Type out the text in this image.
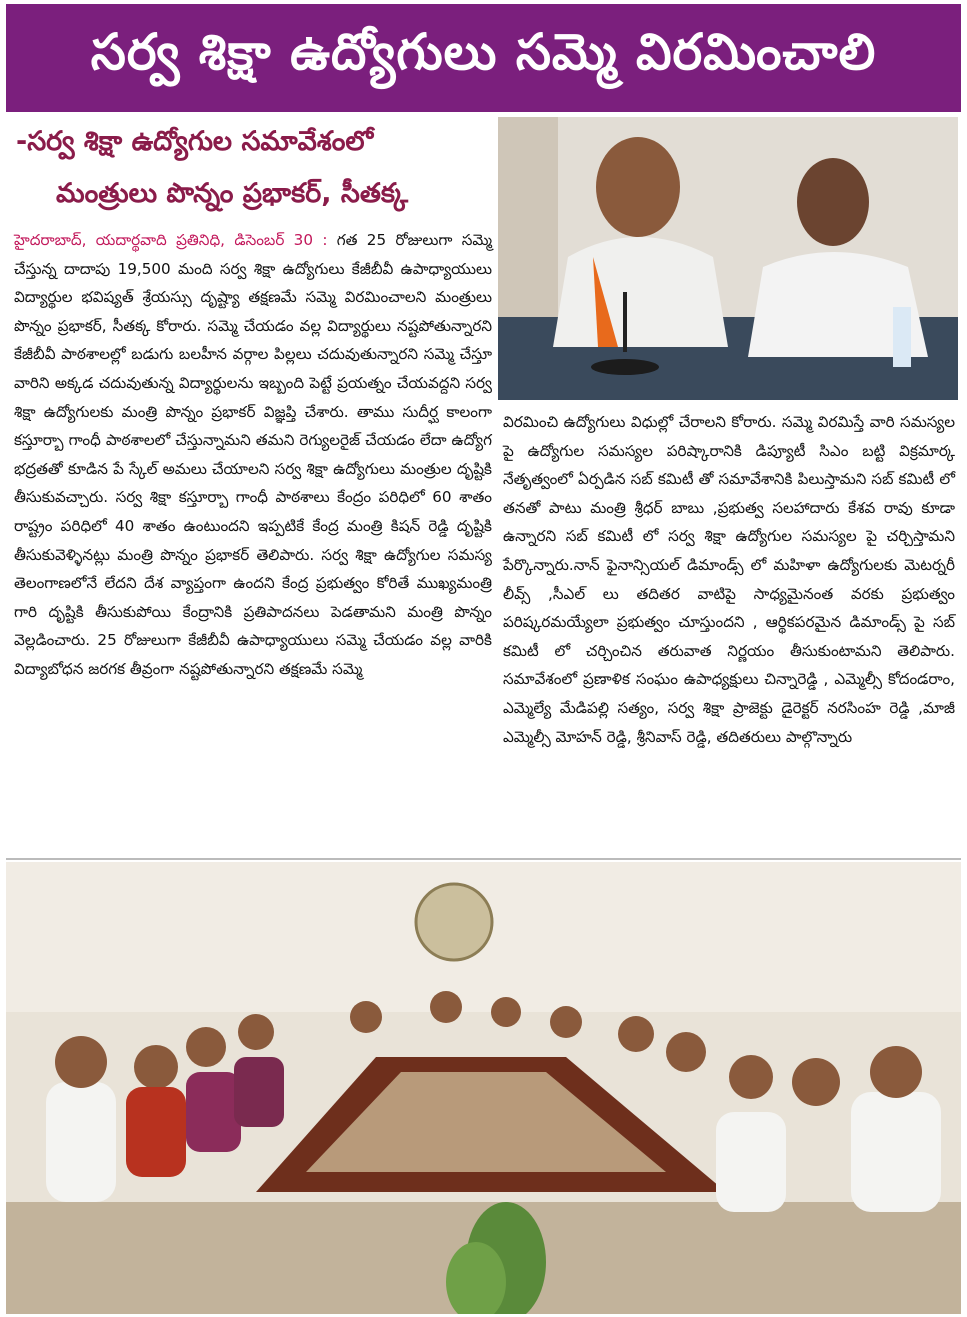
సర్వ శిక్షా ఉద్యోగులు సమ్మె విరమించాలి
-సర్వ శిక్షా ఉద్యోగుల సమావేశంలో
మంత్రులు పొన్నం ప్రభాకర్, సీతక్క
హైదరాబాద్, యదార్థవాది ప్రతినిధి, డిసెంబర్ 30 : గత 25 రోజులుగా సమ్మె చేస్తున్న దాదాపు 19,500 మంది సర్వ శిక్షా ఉద్యోగులు కేజీబీవీ ఉపాధ్యాయులు విద్యార్థుల భవిష్యత్ శ్రేయస్సు దృష్ట్యా తక్షణమే సమ్మె విరమించాలని మంత్రులు పొన్నం ప్రభాకర్, సీతక్క కోరారు. సమ్మె చేయడం వల్ల విద్యార్థులు నష్టపోతున్నారని కేజీబీవీ పాఠశాలల్లో బడుగు బలహీన వర్గాల పిల్లలు చదువుతున్నారని సమ్మె చేస్తూ వారిని అక్కడ చదువుతున్న విద్యార్థులను ఇబ్బంది పెట్టే ప్రయత్నం చేయవద్దని సర్వ శిక్షా ఉద్యోగులకు మంత్రి పొన్నం ప్రభాకర్ విజ్ఞప్తి చేశారు. తాము సుదీర్ఘ కాలంగా కస్తూర్బా గాంధీ పాఠశాలలో చేస్తున్నామని తమని రెగ్యులరైజ్ చేయడం లేదా ఉద్యోగ భద్రతతో కూడిన పే స్కేల్ అమలు చేయాలని సర్వ శిక్షా ఉద్యోగులు మంత్రుల దృష్టికి తీసుకువచ్చారు. సర్వ శిక్షా కస్తూర్బా గాంధీ పాఠశాలు కేంద్రం పరిధిలో 60 శాతం రాష్ట్రం పరిధిలో 40 శాతం ఉంటుందని ఇప్పటికే కేంద్ర మంత్రి కిషన్ రెడ్డి దృష్టికి తీసుకువెళ్ళినట్లు మంత్రి పొన్నం ప్రభాకర్ తెలిపారు. సర్వ శిక్షా ఉద్యోగుల సమస్య తెలంగాణలోనే లేదని దేశ వ్యాప్తంగా ఉందని కేంద్ర ప్రభుత్వం కోరితే ముఖ్యమంత్రి గారి దృష్టికి తీసుకుపోయి కేంద్రానికి ప్రతిపాదనలు పెడతామని మంత్రి పొన్నం వెల్లడించారు. 25 రోజులుగా కేజీబీవీ ఉపాధ్యాయులు సమ్మె చేయడం వల్ల వారికి విద్యాబోధన జరగక తీవ్రంగా నష్టపోతున్నారని తక్షణమే సమ్మె
విరమించి ఉద్యోగులు విధుల్లో చేరాలని కోరారు. సమ్మె విరమిస్తే వారి సమస్యల పై ఉద్యోగుల సమస్యల పరిష్కారానికి డిప్యూటీ సిఎం బట్టి విక్రమార్క నేతృత్వంలో ఏర్పడిన సబ్ కమిటీ తో సమావేశానికి పిలుస్తామని సబ్ కమిటీ లో తనతో పాటు మంత్రి శ్రీధర్ బాబు ,ప్రభుత్వ సలహాదారు కేశవ రావు కూడా ఉన్నారని సబ్ కమిటీ లో సర్వ శిక్షా ఉద్యోగుల సమస్యల పై చర్చిస్తామని పేర్కొన్నారు.నాన్ ఫైనాన్సియల్ డిమాండ్స్ లో మహిళా ఉద్యోగులకు మెటర్నరీ లీవ్స్ ,సీఎల్ లు తదితర వాటిపై సాధ్యమైనంత వరకు ప్రభుత్వం పరిష్కరమయ్యేలా ప్రభుత్వం చూస్తుందని , ఆర్థికపరమైన డిమాండ్స్ పై సబ్ కమిటీ లో చర్చించిన తరువాత నిర్ణయం తీసుకుంటామని తెలిపారు. సమావేశంలో ప్రణాళిక సంఘం ఉపాధ్యక్షులు చిన్నారెడ్డి , ఎమ్మెల్సీ కోదండరాం, ఎమ్మెల్యే మేడిపల్లి సత్యం, సర్వ శిక్షా ప్రాజెక్టు డైరెక్టర్ నరసింహ రెడ్డి ,మాజీ ఎమ్మెల్సీ మోహన్ రెడ్డి, శ్రీనివాస్ రెడ్డి, తదితరులు పాల్గొన్నారు
